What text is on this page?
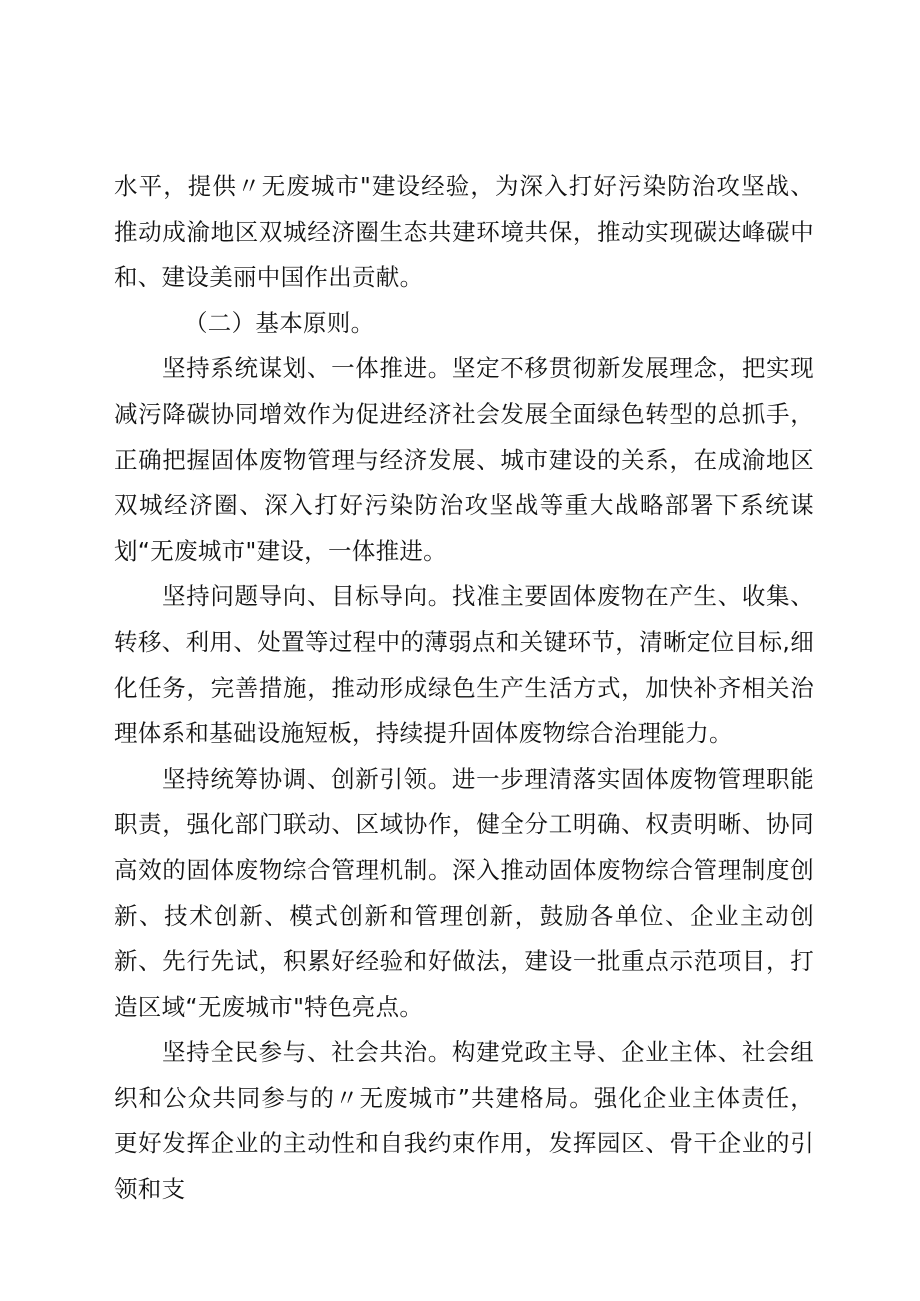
水平，提供〃无废城市"建设经验，为深入打好污染防治攻坚战、推动成渝地区双城经济圈生态共建环境共保，推动实现碳达峰碳中和、建设美丽中国作出贡献。

（二）基本原则。

坚持系统谋划、一体推进。坚定不移贯彻新发展理念，把实现减污降碳协同增效作为促进经济社会发展全面绿色转型的总抓手，正确把握固体废物管理与经济发展、城市建设的关系，在成渝地区双城经济圈、深入打好污染防治攻坚战等重大战略部署下系统谋划“无废城市"建设，一体推进。

坚持问题导向、目标导向。找准主要固体废物在产生、收集、转移、利用、处置等过程中的薄弱点和关键环节，清晰定位目标,细化任务，完善措施，推动形成绿色生产生活方式，加快补齐相关治理体系和基础设施短板，持续提升固体废物综合治理能力。

坚持统筹协调、创新引领。进一步理清落实固体废物管理职能职责，强化部门联动、区域协作，健全分工明确、权责明晰、协同高效的固体废物综合管理机制。深入推动固体废物综合管理制度创新、技术创新、模式创新和管理创新，鼓励各单位、企业主动创新、先行先试，积累好经验和好做法，建设一批重点示范项目，打造区域“无废城市"特色亮点。

坚持全民参与、社会共治。构建党政主导、企业主体、社会组织和公众共同参与的〃无废城市”共建格局。强化企业主体责任，更好发挥企业的主动性和自我约束作用，发挥园区、骨干企业的引领和支
